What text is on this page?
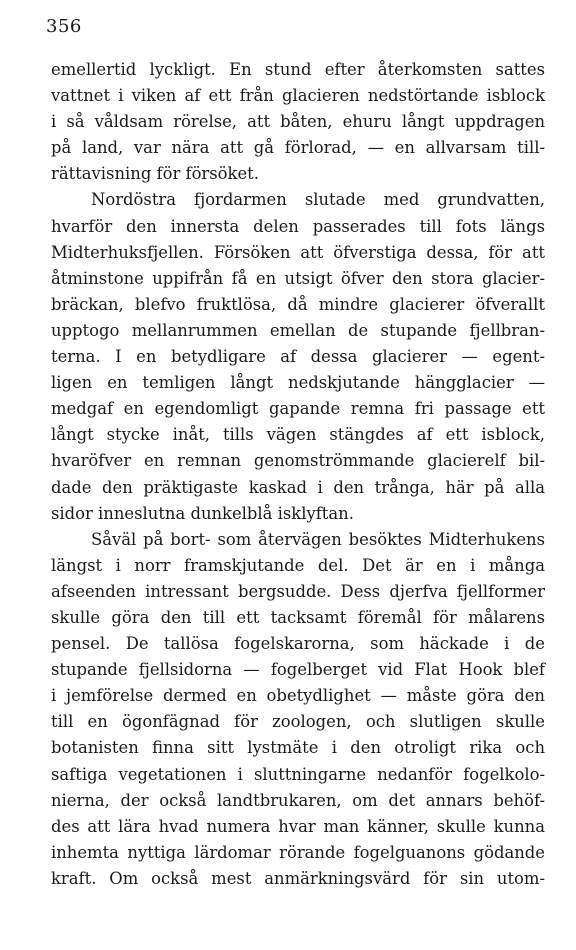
356
emellertid lyckligt. En stund efter återkomsten sattes
vattnet i viken af ett från glacieren nedstörtande isblock
i så våldsam rörelse, att båten, ehuru långt uppdragen
på land, var nära att gå förlorad, — en allvarsam till-
rättavisning för försöket.
Nordöstra fjordarmen slutade med grundvatten,
hvarför den innersta delen passerades till fots längs
Midterhuksfjellen. Försöken att öfverstiga dessa, för att
åtminstone uppifrån få en utsigt öfver den stora glacier-
bräckan, blefvo fruktlösa, då mindre glacierer öfverallt
upptogo mellanrummen emellan de stupande fjellbran-
terna. I en betydligare af dessa glacierer — egent-
ligen en temligen långt nedskjutande hängglacier —
medgaf en egendomligt gapande remna fri passage ett
långt stycke inåt, tills vägen stängdes af ett isblock,
hvaröfver en remnan genomströmmande glacierelf bil-
dade den präktigaste kaskad i den trånga, här på alla
sidor inneslutna dunkelblå isklyftan.
Såväl på bort- som återvägen besöktes Midterhukens
längst i norr framskjutande del. Det är en i många
afseenden intressant bergsudde. Dess djerfva fjellformer
skulle göra den till ett tacksamt föremål för målarens
pensel. De tallösa fogelskarorna, som häckade i de
stupande fjellsidorna — fogelberget vid Flat Hook blef
i jemförelse dermed en obetydlighet — måste göra den
till en ögonfägnad för zoologen, och slutligen skulle
botanisten finna sitt lystmäte i den otroligt rika och
saftiga vegetationen i sluttningarne nedanför fogelkolo-
nierna, der också landtbrukaren, om det annars behöf-
des att lära hvad numera hvar man känner, skulle kunna
inhemta nyttiga lärdomar rörande fogelguanons gödande
kraft. Om också mest anmärkningsvärd för sin utom-
